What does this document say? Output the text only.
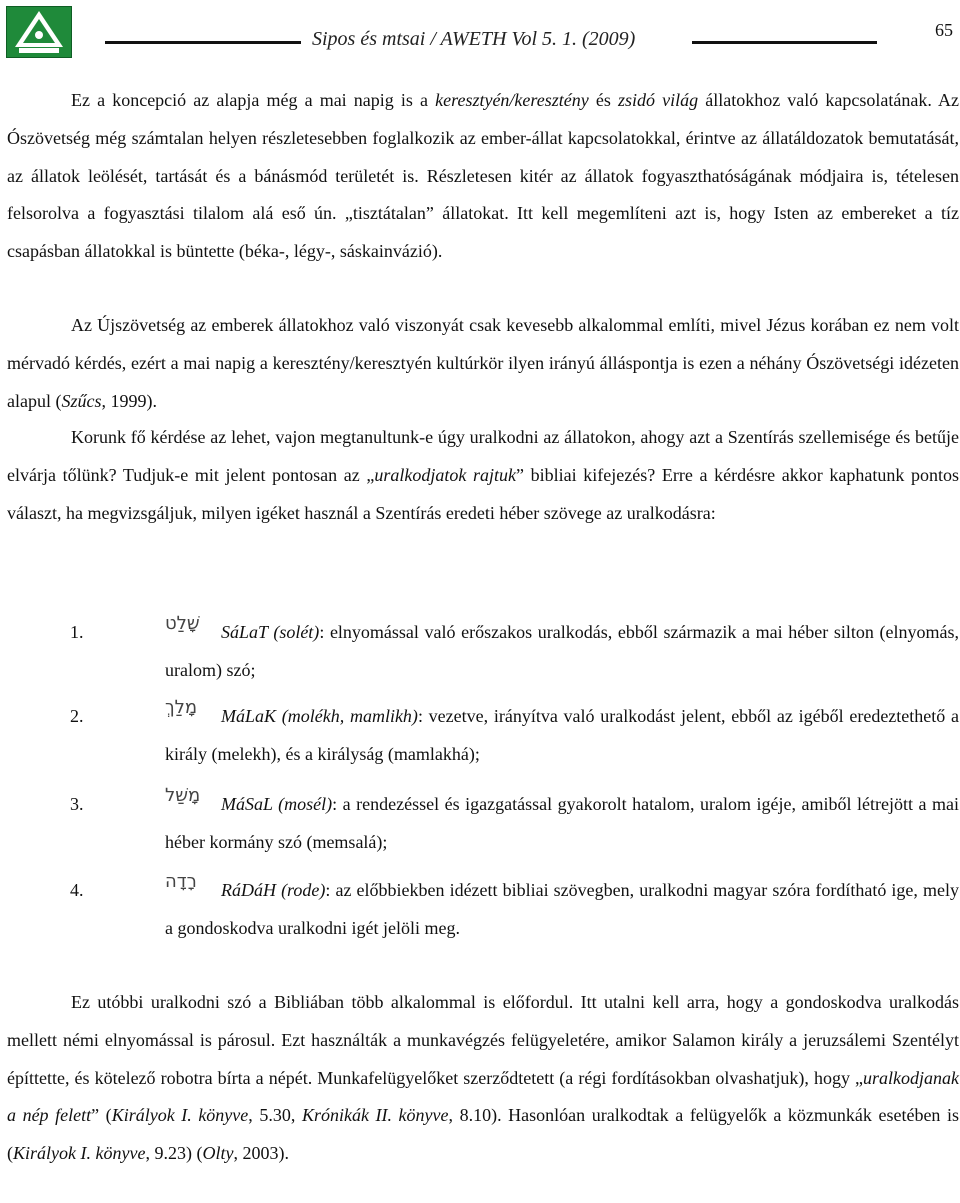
Sipos és mtsai / AWETH Vol 5. 1. (2009)	65

Ez a koncepció az alapja még a mai napig is a keresztyén/keresztény és zsidó világ állatokhoz való kapcsolatának. Az Ószövetség még számtalan helyen részletesebben foglalkozik az ember-állat kapcsolatokkal, érintve az állatáldozatok bemutatását, az állatok leölését, tartását és a bánásmód területét is. Részletesen kitér az állatok fogyaszthatóságának módjaira is, tételesen felsorolva a fogyasztási tilalom alá eső ún. „tisztátalan” állatokat. Itt kell megemlíteni azt is, hogy Isten az embereket a tíz csapásban állatokkal is büntette (béka-, légy-, sáskainvázió).

Az Újszövetség az emberek állatokhoz való viszonyát csak kevesebb alkalommal említi, mivel Jézus korában ez nem volt mérvadó kérdés, ezért a mai napig a keresztény/keresztyén kultúrkör ilyen irányú álláspontja is ezen a néhány Ószövetségi idézeten alapul (Szűcs, 1999).

Korunk fő kérdése az lehet, vajon megtanultunk-e úgy uralkodni az állatokon, ahogy azt a Szentírás szellemisége és betűje elvárja tőlünk? Tudjuk-e mit jelent pontosan az „uralkodjatok rajtuk” bibliai kifejezés? Erre a kérdésre akkor kaphatunk pontos választ, ha megvizsgáljuk, milyen igéket használ a Szentírás eredeti héber szövege az uralkodásra:

1.	שָׁלַט SáLaT (solét): elnyomással való erőszakos uralkodás, ebből származik a mai héber silton (elnyomás, uralom) szó;

2.	מָלַךְ MáLaK (molékh, mamlikh): vezetve, irányítva való uralkodást jelent, ebből az igéből eredeztethető a király (melekh), és a királyság (mamlakhá);

3.	מָשַׁל MáSaL (mosél): a rendezéssel és igazgatással gyakorolt hatalom, uralom igéje, amiből létrejött a mai héber kormány szó (memsalá);

4.	רָדָה RáDáH (rode): az előbbiekben idézett bibliai szövegben, uralkodni magyar szóra fordítható ige, mely a gondoskodva uralkodni igét jelöli meg.

Ez utóbbi uralkodni szó a Bibliában több alkalommal is előfordul. Itt utalni kell arra, hogy a gondoskodva uralkodás mellett némi elnyomással is párosul. Ezt használták a munkavégzés felügyeletére, amikor Salamon király a jeruzsálemi Szentélyt építtette, és kötelező robotra bírta a népét. Munkafelügyelőket szerződtetett (a régi fordításokban olvashatjuk), hogy „uralkodjanak a nép felett” (Királyok I. könyve, 5.30, Krónikák II. könyve, 8.10). Hasonlóan uralkodtak a felügyelők a közmunkák esetében is (Királyok I. könyve, 9.23) (Olty, 2003).
